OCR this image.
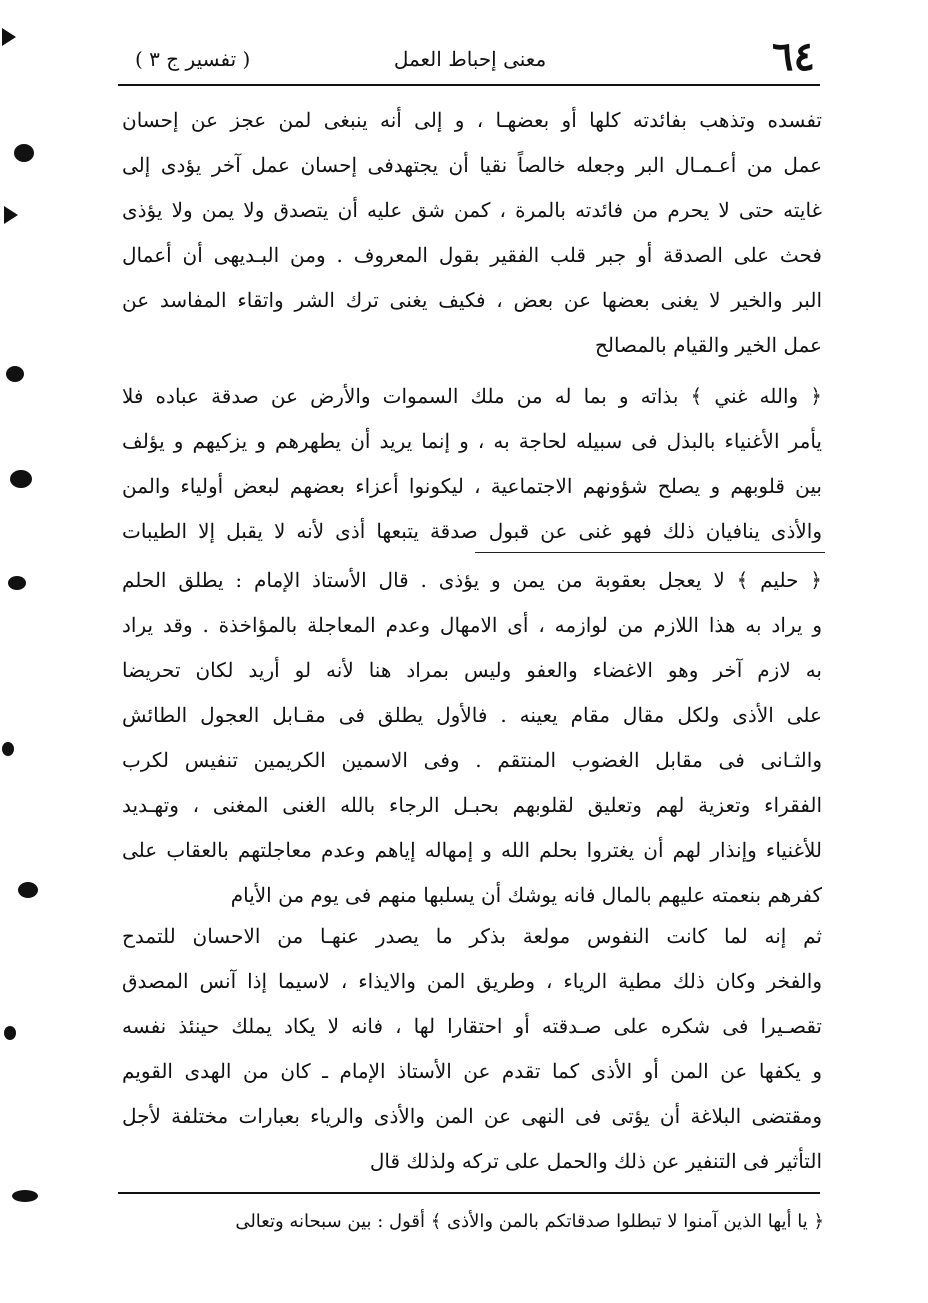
٦٤
معنى إحباط العمل
( تفسير ج ٣ )
تفسده وتذهب بفائدته كلها أو بعضهـا ، و إلى أنه ينبغى لمن عجز عن إحسان
عمل من أعـمـال البر وجعله خالصاً نقيا أن يجتهدفى إحسان عمل آخر يؤدى إلى
غايته حتى لا يحرم من فائدته بالمرة ، كمن شق عليه أن يتصدق ولا يمن ولا يؤذى
فحث على الصدقة أو جبر قلب الفقير بقول المعروف . ومن البـديهى أن أعمال
البر والخير لا يغنى بعضها عن بعض ، فكيف يغنى ترك الشر واتقاء المفاسد عن
عمل الخير والقيام بالمصالح
﴿ والله غني ﴾ بذاته و بما له من ملك السموات والأرض عن صدقة عباده فلا
يأمر الأغنياء بالبذل فى سبيله لحاجة به ، و إنما يريد أن يطهرهم و يزكيهم و يؤلف
بين قلوبهم و يصلح شؤونهم الاجتماعية ، ليكونوا أعزاء بعضهم لبعض أولياء والمن
والأذى ينافيان ذلك فهو غنى عن قبول صدقة يتبعها أذى لأنه لا يقبل إلا الطيبات
﴿ حليم ﴾ لا يعجل بعقوبة من يمن و يؤذى . قال الأستاذ الإمام : يطلق الحلم
و يراد به هذا اللازم من لوازمه ، أى الامهال وعدم المعاجلة بالمؤاخذة . وقد يراد
به لازم آخر وهو الاغضاء والعفو وليس بمراد هنا لأنه لو أريد لكان تحريضا
على الأذى ولكل مقال مقام يعينه . فالأول يطلق فى مقـابل العجول الطائش
والثـانى فى مقابل الغضوب المنتقم . وفى الاسمين الكريمين تنفيس لكرب
الفقراء وتعزية لهم وتعليق لقلوبهم بحبـل الرجاء بالله الغنى المغنى ، وتهـديد
للأغنياء وإنذار لهم أن يغتروا بحلم الله و إمهاله إياهم وعدم معاجلتهم بالعقاب على
كفرهم بنعمته عليهم بالمال فانه يوشك أن يسلبها منهم فى يوم من الأيام
ثم إنه لما كانت النفوس مولعة بذكر ما يصدر عنهـا من الاحسان للتمدح
والفخر وكان ذلك مطية الرياء ، وطريق المن والايذاء ، لاسيما إذا آنس المصدق
تقصـيرا فى شكره على صـدقته أو احتقارا لها ، فانه لا يكاد يملك حينئذ نفسه
و يكفها عن المن أو الأذى كما تقدم عن الأستاذ الإمام ـ كان من الهدى القويم
ومقتضى البلاغة أن يؤتى فى النهى عن المن والأذى والرياء بعبارات مختلفة لأجل
التأثير فى التنفير عن ذلك والحمل على تركه ولذلك قال
﴿ يا أيها الذين آمنوا لا تبطلوا صدقاتكم بالمن والأذى ﴾ أقول : بين سبحانه وتعالى
